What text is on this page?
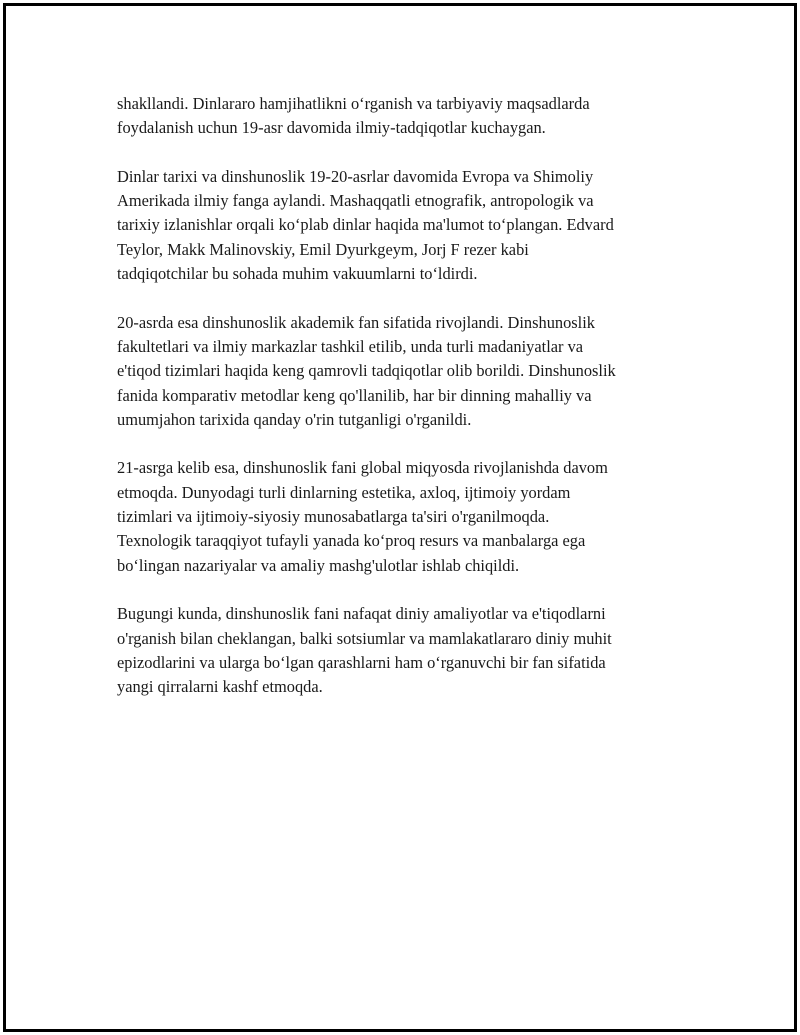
shakllandi. Dinlararo hamjihatlikni o‘rganish va tarbiyaviy maqsadlarda
foydalanish uchun 19-asr davomida ilmiy-tadqiqotlar kuchaygan.

Dinlar tarixi va dinshunoslik 19-20-asrlar davomida Evropa va Shimoliy
Amerikada ilmiy fanga aylandi. Mashaqqatli etnografik, antropologik va
tarixiy izlanishlar orqali ko‘plab dinlar haqida ma'lumot to‘plangan. Edvard
Teylor, Makk Malinovskiy, Emil Dyurkgeym, Jorj F rezer kabi
tadqiqotchilar bu sohada muhim vakuumlarni to‘ldirdi.

20-asrda esa dinshunoslik akademik fan sifatida rivojlandi. Dinshunoslik
fakultetlari va ilmiy markazlar tashkil etilib, unda turli madaniyatlar va
e'tiqod tizimlari haqida keng qamrovli tadqiqotlar olib borildi. Dinshunoslik
fanida komparativ metodlar keng qo'llanilib, har bir dinning mahalliy va
umumjahon tarixida qanday o'rin tutganligi o'rganildi.

21-asrga kelib esa, dinshunoslik fani global miqyosda rivojlanishda davom
etmoqda. Dunyodagi turli dinlarning estetika, axloq, ijtimoiy yordam
tizimlari va ijtimoiy-siyosiy munosabatlarga ta'siri o'rganilmoqda.
Texnologik taraqqiyot tufayli yanada ko‘proq resurs va manbalarga ega
bo‘lingan nazariyalar va amaliy mashg'ulotlar ishlab chiqildi.

Bugungi kunda, dinshunoslik fani nafaqat diniy amaliyotlar va e'tiqodlarni
o'rganish bilan cheklangan, balki sotsiumlar va mamlakatlararo diniy muhit
epizodlarini va ularga bo‘lgan qarashlarni ham o‘rganuvchi bir fan sifatida
yangi qirralarni kashf etmoqda.
